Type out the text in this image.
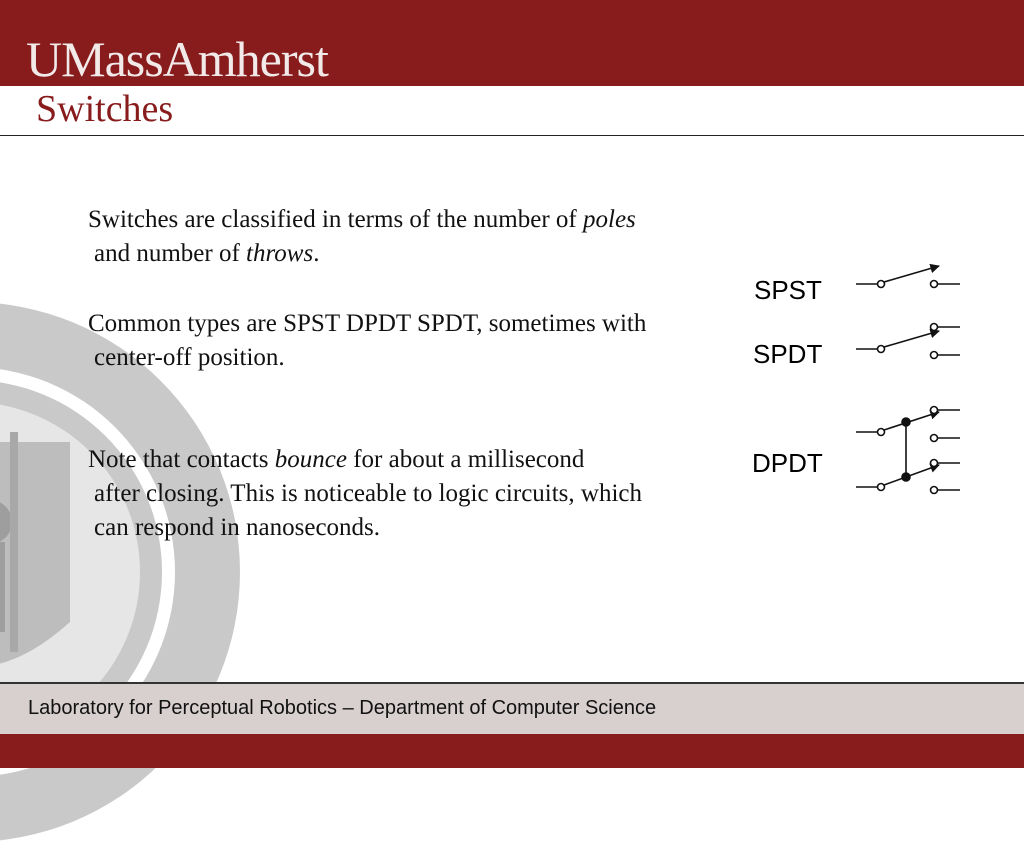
UMassAmherst
Switches
Switches are classified in terms of the number of poles
and number of throws.
Common types are SPST DPDT SPDT, sometimes with
center-off position.
Note that contacts bounce for about a millisecond
after closing. This is noticeable to logic circuits, which
can respond in nanoseconds.
SPST
SPDT
DPDT
Laboratory for Perceptual Robotics – Department of Computer Science
